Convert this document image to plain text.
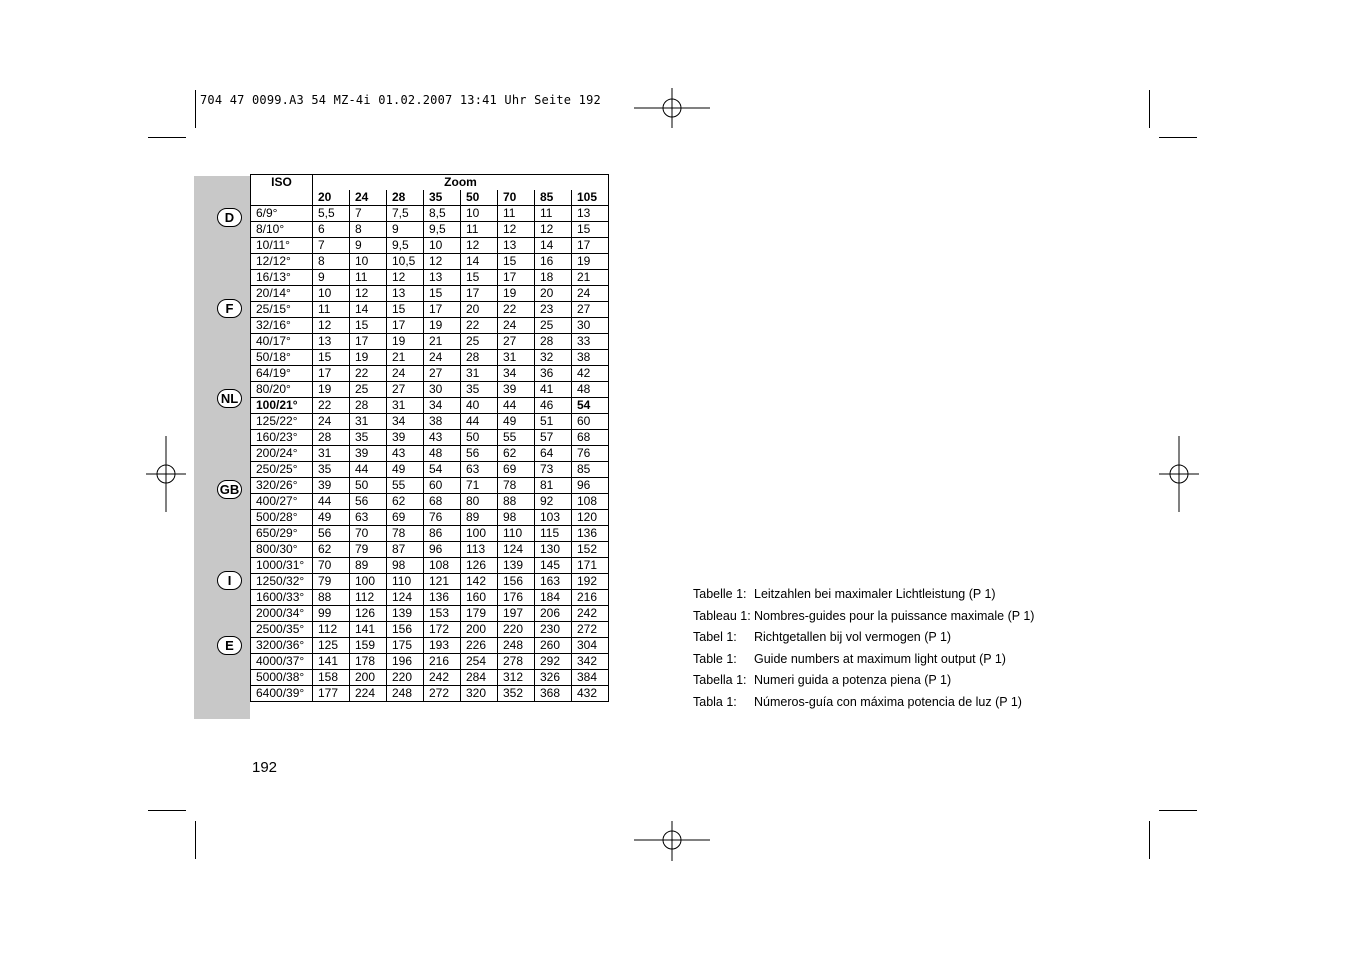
704 47 0099.A3 54 MZ-4i 01.02.2007 13:41 Uhr Seite 192
D
F
NL
GB
I
E
ISO	Zoom							
	20	24	28	35	50	70	85	105
6/9°	5,5	7	7,5	8,5	10	11	11	13
8/10°	6	8	9	9,5	11	12	12	15
10/11°	7	9	9,5	10	12	13	14	17
12/12°	8	10	10,5	12	14	15	16	19
16/13°	9	11	12	13	15	17	18	21
20/14°	10	12	13	15	17	19	20	24
25/15°	11	14	15	17	20	22	23	27
32/16°	12	15	17	19	22	24	25	30
40/17°	13	17	19	21	25	27	28	33
50/18°	15	19	21	24	28	31	32	38
64/19°	17	22	24	27	31	34	36	42
80/20°	19	25	27	30	35	39	41	48
100/21°	22	28	31	34	40	44	46	54
125/22°	24	31	34	38	44	49	51	60
160/23°	28	35	39	43	50	55	57	68
200/24°	31	39	43	48	56	62	64	76
250/25°	35	44	49	54	63	69	73	85
320/26°	39	50	55	60	71	78	81	96
400/27°	44	56	62	68	80	88	92	108
500/28°	49	63	69	76	89	98	103	120
650/29°	56	70	78	86	100	110	115	136
800/30°	62	79	87	96	113	124	130	152
1000/31°	70	89	98	108	126	139	145	171
1250/32°	79	100	110	121	142	156	163	192
1600/33°	88	112	124	136	160	176	184	216
2000/34°	99	126	139	153	179	197	206	242
2500/35°	112	141	156	172	200	220	230	272
3200/36°	125	159	175	193	226	248	260	304
4000/37°	141	178	196	216	254	278	292	342
5000/38°	158	200	220	242	284	312	326	384
6400/39°	177	224	248	272	320	352	368	432
192
Tabelle 1: Leitzahlen bei maximaler Lichtleistung (P 1)
Tableau 1: Nombres-guides pour la puissance maximale (P 1)
Tabel 1:	Richtgetallen bij vol vermogen (P 1)
Table 1:	Guide numbers at maximum light output (P 1)
Tabella 1: Numeri guida a potenza piena (P 1)
Tabla 1:	Números-guía con máxima potencia de luz (P 1)
